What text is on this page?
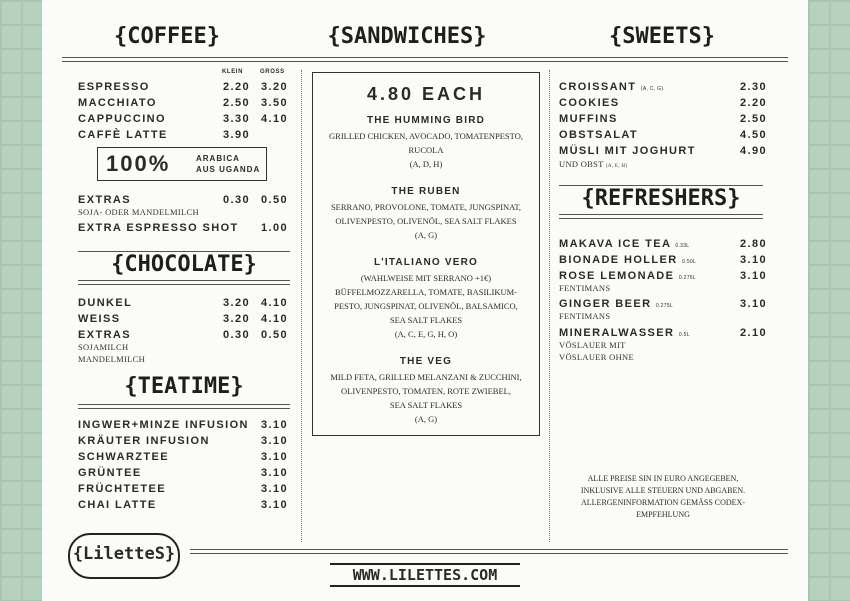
{COFFEE}	{SANDWICHES}	{SWEETS}
KLEIN	GROSS
ESPRESSO	2.20 3.20
MACCHIATO	2.50 3.50
CAPPUCCINO	3.30 4.10
CAFFÈ LATTE	3.90
100%	ARABICA
AUS UGANDA
EXTRAS	0.30 0.50
SOJA- ODER MANDELMILCH
EXTRA ESPRESSO SHOT	1.00
{CHOCOLATE}
DUNKEL	3.20 4.10
WEISS	3.20 4.10
EXTRAS	0.30 0.50
SOJAMILCH
MANDELMILCH
{TEATIME}
INGWER+MINZE INFUSION	3.10
KRÄUTER INFUSION	3.10
SCHWARZTEE	3.10
GRÜNTEE	3.10
FRÜCHTETEE	3.10
CHAI LATTE	3.10
4.80 EACH
THE HUMMING BIRD
GRILLED CHICKEN, AVOCADO, TOMATENPESTO,
RUCOLA
(A, D, H)
THE RUBEN
SERRANO, PROVOLONE, TOMATE, JUNGSPINAT,
OLIVENPESTO, OLIVENÖL, SEA SALT FLAKES
(A, G)
L'ITALIANO VERO
(WAHLWEISE MIT SERRANO +1€)
BÜFFELMOZZARELLA, TOMATE, BASILIKUM-
PESTO, JUNGSPINAT, OLIVENÖL, BALSAMICO,
SEA SALT FLAKES
(A, C, E, G, H, O)
THE VEG
MILD FETA, GRILLED MELANZANI & ZUCCHINI,
OLIVENPESTO, TOMATEN, ROTE ZWIEBEL,
SEA SALT FLAKES
(A, G)
CROISSANT (A, C, G)	2.30
COOKIES	2.20
MUFFINS	2.50
OBSTSALAT	4.50
MÜSLI MIT JOGHURT	4.90
UND OBST (A, E, H)
{REFRESHERS}
MAKAVA ICE TEA 0.33L	2.80
BIONADE HOLLER 0.50L	3.10
ROSE LEMONADE 0.275L	3.10
FENTIMANS
GINGER BEER 0.275L	3.10
FENTIMANS
MINERALWASSER 0.5L	2.10
VÖSLAUER MIT
VÖSLAUER OHNE
ALLE PREISE SIN IN EURO ANGEGEBEN,
INKLUSIVE ALLE STEUERN UND ABGABEN.
ALLERGENINFORMATION GEMÄSS CODEX-
EMPFEHLUNG
{LiletteS}
WWW.LILETTES.COM
